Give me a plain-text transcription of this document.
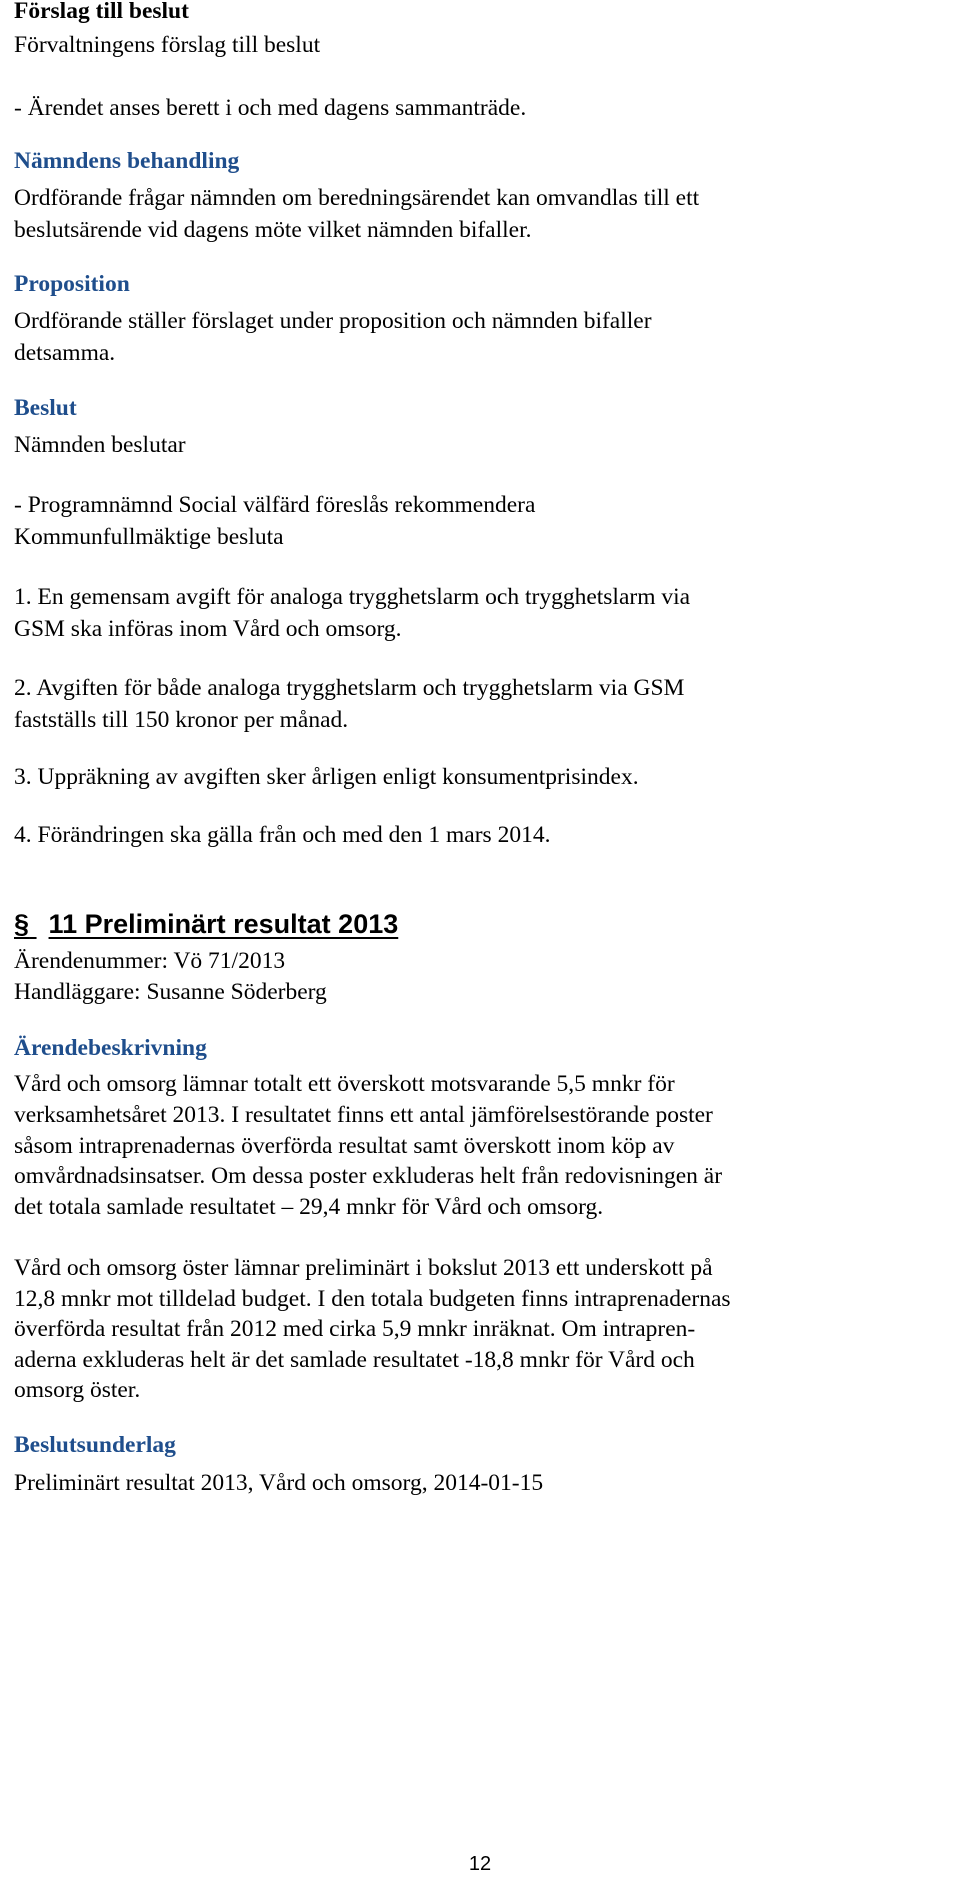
Förslag till beslut
Förvaltningens förslag till beslut
- Ärendet anses berett i och med dagens sammanträde.
Nämndens behandling
Ordförande frågar nämnden om beredningsärendet kan omvandlas till ett
beslutsärende vid dagens möte vilket nämnden bifaller.
Proposition
Ordförande ställer förslaget under proposition och nämnden bifaller
detsamma.
Beslut
Nämnden beslutar
- Programnämnd Social välfärd föreslås rekommendera
Kommunfullmäktige besluta
1. En gemensam avgift för analoga trygghetslarm och trygghetslarm via
GSM ska införas inom Vård och omsorg.
2. Avgiften för både analoga trygghetslarm och trygghetslarm via GSM
fastställs till 150 kronor per månad.
3. Uppräkning av avgiften sker årligen enligt konsumentprisindex.
4. Förändringen ska gälla från och med den 1 mars 2014.
§ 11 Preliminärt resultat 2013
Ärendenummer: Vö 71/2013
Handläggare: Susanne Söderberg
Ärendebeskrivning
Vård och omsorg lämnar totalt ett överskott motsvarande 5,5 mnkr för
verksamhetsåret 2013. I resultatet finns ett antal jämförelsestörande poster
såsom intraprenadernas överförda resultat samt överskott inom köp av
omvårdnadsinsatser. Om dessa poster exkluderas helt från redovisningen är
det totala samlade resultatet – 29,4 mnkr för Vård och omsorg.
Vård och omsorg öster lämnar preliminärt i bokslut 2013 ett underskott på
12,8 mnkr mot tilldelad budget. I den totala budgeten finns intraprenadernas
överförda resultat från 2012 med cirka 5,9 mnkr inräknat. Om intrapren-
aderna exkluderas helt är det samlade resultatet -18,8 mnkr för Vård och
omsorg öster.
Beslutsunderlag
Preliminärt resultat 2013, Vård och omsorg, 2014-01-15
12
